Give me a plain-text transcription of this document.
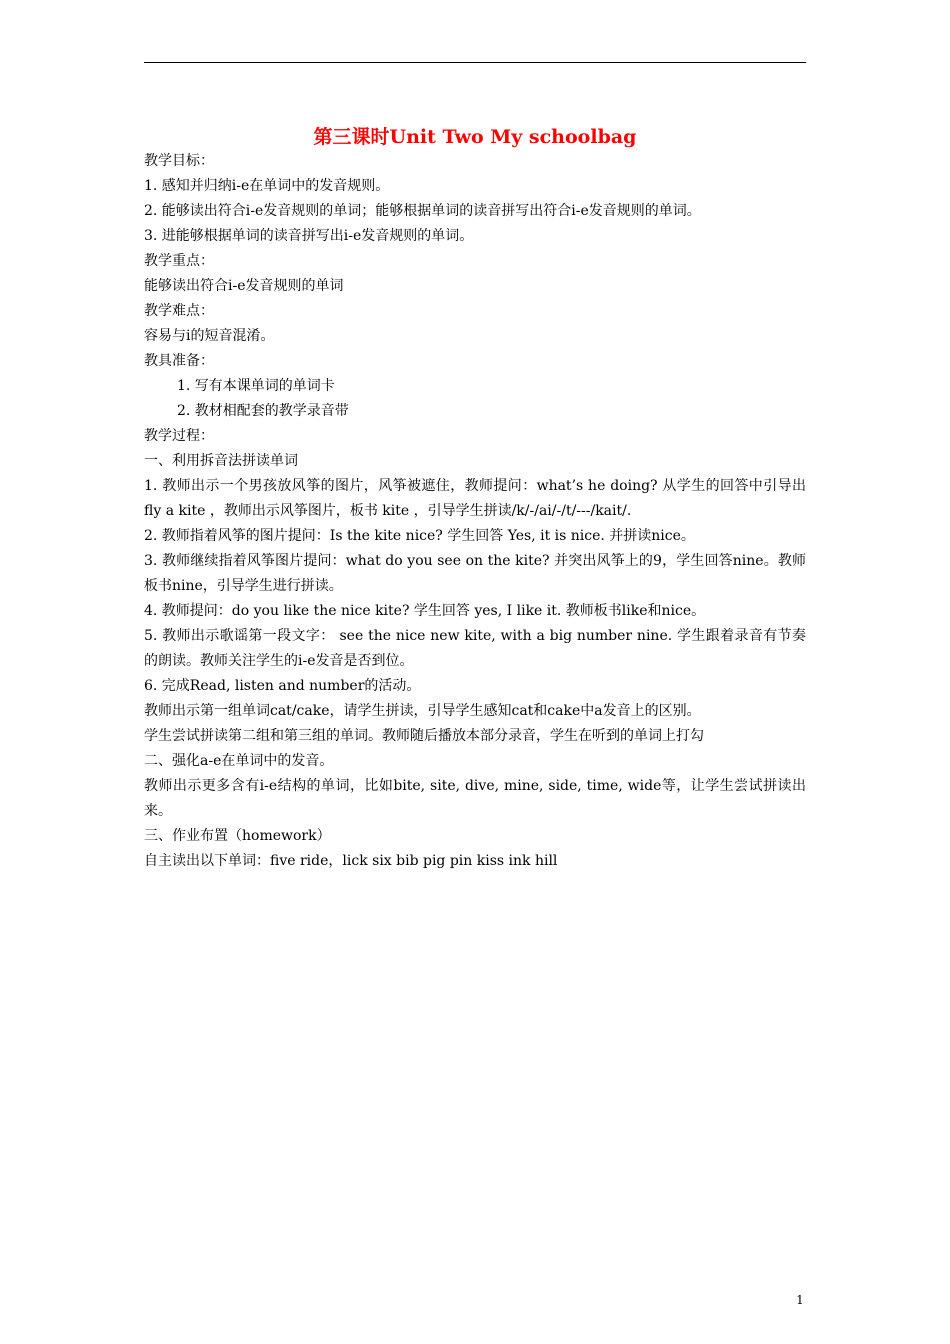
第三课时Unit Two My schoolbag

教学目标：

1. 感知并归纳i-e在单词中的发音规则。

2. 能够读出符合i-e发音规则的单词；能够根据单词的读音拼写出符合i-e发音规则的单词。

3. 进能够根据单词的读音拼写出i-e发音规则的单词。

教学重点：

能够读出符合i-e发音规则的单词

教学难点：

容易与i的短音混淆。

教具准备：

1. 写有本课单词的单词卡

2. 教材相配套的教学录音带

教学过程：

一、利用拆音法拼读单词

1. 教师出示一个男孩放风筝的图片，风筝被遮住，教师提问：what’s he doing? 从学生的回答中引导出 fly a kite ，教师出示风筝图片，板书 kite ，引导学生拼读/k/-/ai/-/t/---/kait/.

2. 教师指着风筝的图片提问：Is the kite nice? 学生回答 Yes, it is nice. 并拼读nice。

3. 教师继续指着风筝图片提问：what do you see on the kite? 并突出风筝上的9，学生回答nine。教师板书nine，引导学生进行拼读。

4. 教师提问：do you like the nice kite? 学生回答 yes, I like it. 教师板书like和nice。

5. 教师出示歌谣第一段文字： see the nice new kite, with a big number nine. 学生跟着录音有节奏的朗读。教师关注学生的i-e发音是否到位。

6. 完成Read, listen and number的活动。

教师出示第一组单词cat/cake，请学生拼读，引导学生感知cat和cake中a发音上的区别。

学生尝试拼读第二组和第三组的单词。教师随后播放本部分录音，学生在听到的单词上打勾

二、强化a-e在单词中的发音。

教师出示更多含有i-e结构的单词，比如bite, site, dive, mine, side, time, wide等，让学生尝试拼读出来。

三、作业布置（homework）

自主读出以下单词：five ride，lick six bib pig pin kiss ink hill

1
